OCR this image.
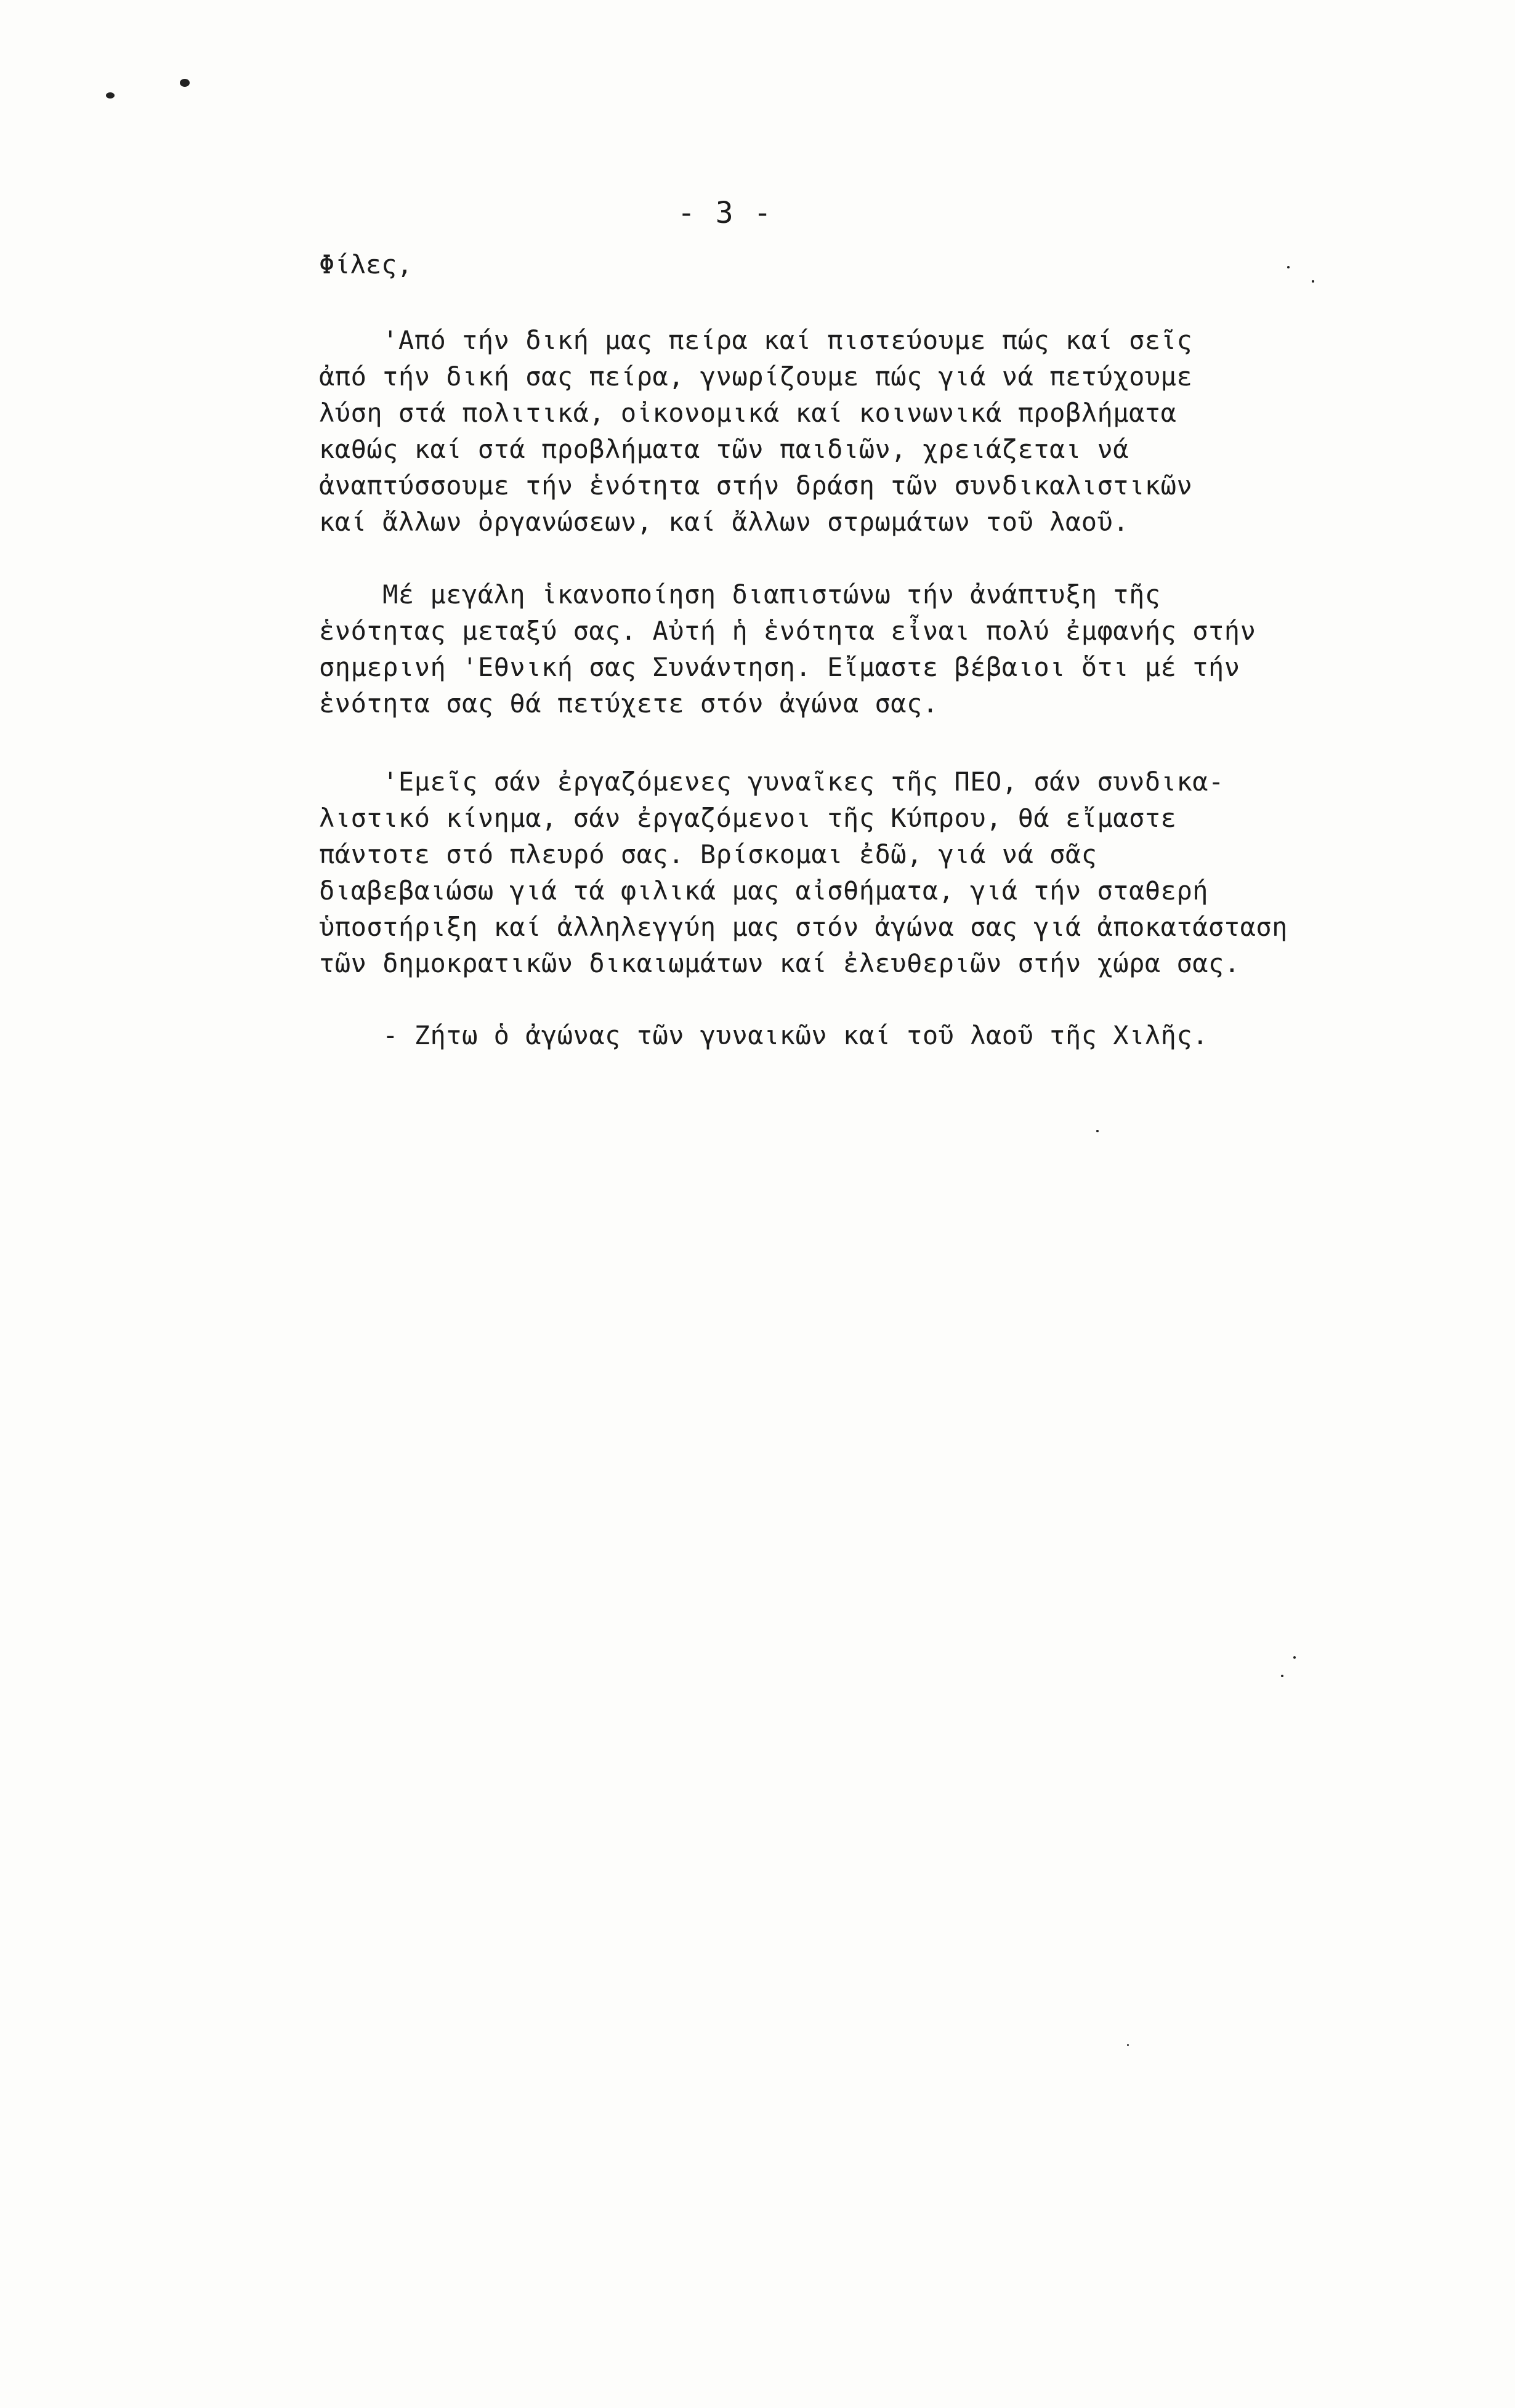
- 3 -
Φίλες,

'Από τήν δική μας πείρα καί πιστεύουμε πώς καί σεῖς
ἀπό τήν δική σας πείρα, γνωρίζουμε πώς γιά νά πετύχουμε
λύση στά πολιτικά, οἰκονομικά καί κοινωνικά προβλήματα
καθώς καί στά προβλήματα τῶν παιδιῶν, χρειάζεται νά
ἀναπτύσσουμε τήν ἑνότητα στήν δράση τῶν συνδικαλιστικῶν
καί ἄλλων ὀργανώσεων, καί ἄλλων στρωμάτων τοῦ λαοῦ.

Μέ μεγάλη ἱκανοποίηση διαπιστώνω τήν ἀνάπτυξη τῆς
ἑνότητας μεταξύ σας. Αὐτή ἡ ἑνότητα εἶναι πολύ ἐμφανής στήν
σημερινή 'Εθνική σας Συνάντηση. Εἴμαστε βέβαιοι ὅτι μέ τήν
ἑνότητα σας θά πετύχετε στόν ἀγώνα σας.

'Εμεῖς σάν ἐργαζόμενες γυναῖκες τῆς ΠΕΟ, σάν συνδικα-
λιστικό κίνημα, σάν ἐργαζόμενοι τῆς Κύπρου, θά εἴμαστε
πάντοτε στό πλευρό σας. Βρίσκομαι ἐδῶ, γιά νά σᾶς
διαβεβαιώσω γιά τά φιλικά μας αἰσθήματα, γιά τήν σταθερή
ὑποστήριξη καί ἀλληλεγγύη μας στόν ἀγώνα σας γιά ἀποκατάσταση
τῶν δημοκρατικῶν δικαιωμάτων καί ἐλευθεριῶν στήν χώρα σας.

- Ζήτω ὁ ἀγώνας τῶν γυναικῶν καί τοῦ λαοῦ τῆς Χιλῆς.
